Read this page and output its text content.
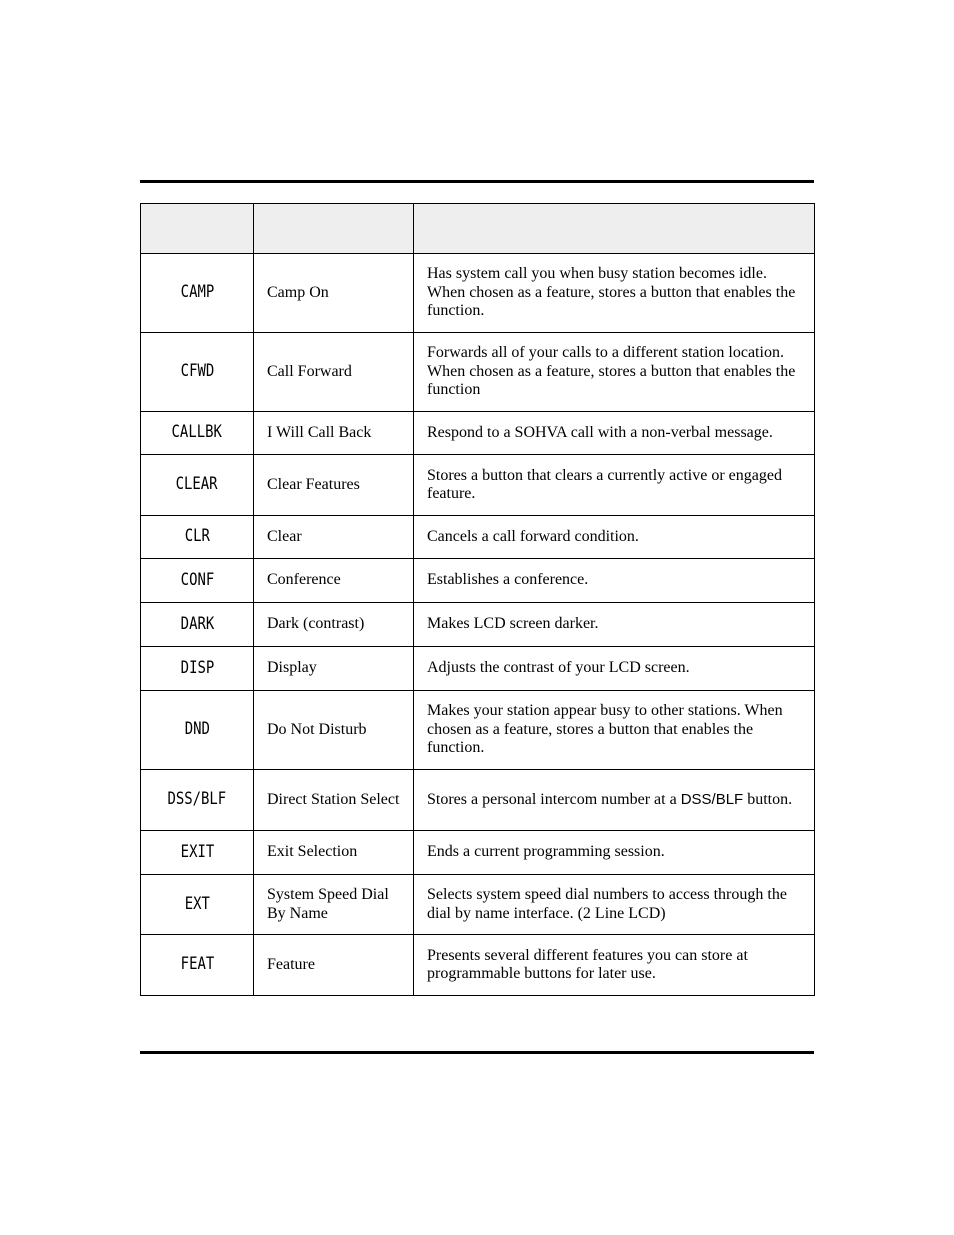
CAMP	Camp On	Has system call you when busy station becomes idle. When chosen as a feature, stores a button that enables the function.
CFWD	Call Forward	Forwards all of your calls to a different station location. When chosen as a feature, stores a button that enables the function
CALLBK	I Will Call Back	Respond to a SOHVA call with a non-verbal message.
CLEAR	Clear Features	Stores a button that clears a currently active or engaged feature.
CLR	Clear	Cancels a call forward condition.
CONF	Conference	Establishes a conference.
DARK	Dark (contrast)	Makes LCD screen darker.
DISP	Display	Adjusts the contrast of your LCD screen.
DND	Do Not Disturb	Makes your station appear busy to other stations. When chosen as a feature, stores a button that enables the function.
DSS/BLF	Direct Station Select	Stores a personal intercom number at a DSS/BLF button.
EXIT	Exit Selection	Ends a current programming session.
EXT	System Speed Dial By Name	Selects system speed dial numbers to access through the dial by name interface. (2 Line LCD)
FEAT	Feature	Presents several different features you can store at programmable buttons for later use.
